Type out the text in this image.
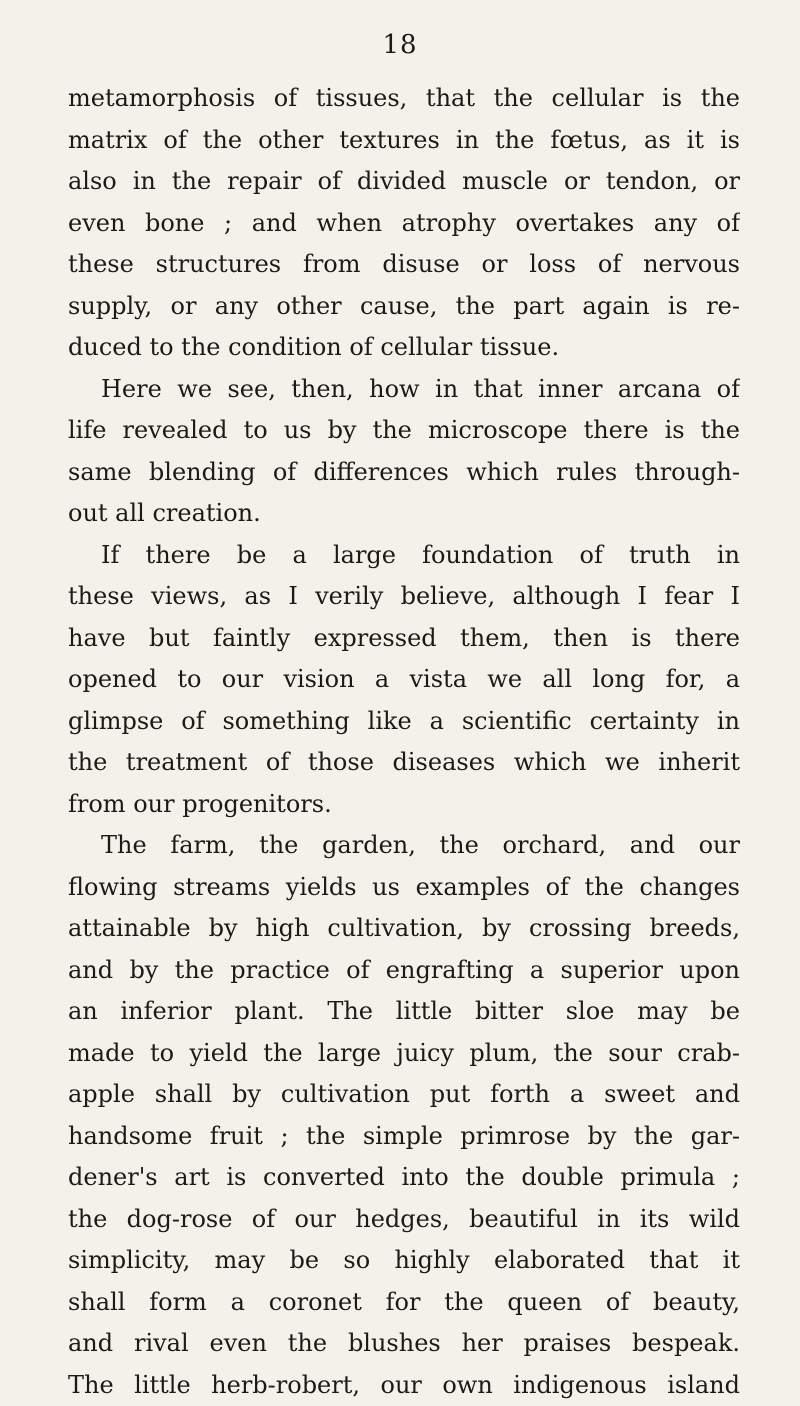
18
metamorphosis of tissues, that the cellular is the
matrix of the other textures in the fœtus, as it is
also in the repair of divided muscle or tendon, or
even bone ; and when atrophy overtakes any of
these structures from disuse or loss of nervous
supply, or any other cause, the part again is re-
duced to the condition of cellular tissue.
Here we see, then, how in that inner arcana of
life revealed to us by the microscope there is the
same blending of differences which rules through-
out all creation.
If there be a large foundation of truth in
these views, as I verily believe, although I fear I
have but faintly expressed them, then is there
opened to our vision a vista we all long for, a
glimpse of something like a scientific certainty in
the treatment of those diseases which we inherit
from our progenitors.
The farm, the garden, the orchard, and our
flowing streams yields us examples of the changes
attainable by high cultivation, by crossing breeds,
and by the practice of engrafting a superior upon
an inferior plant. The little bitter sloe may be
made to yield the large juicy plum, the sour crab-
apple shall by cultivation put forth a sweet and
handsome fruit ; the simple primrose by the gar-
dener's art is converted into the double primula ;
the dog-rose of our hedges, beautiful in its wild
simplicity, may be so highly elaborated that it
shall form a coronet for the queen of beauty,
and rival even the blushes her praises bespeak.
The little herb-robert, our own indigenous island
